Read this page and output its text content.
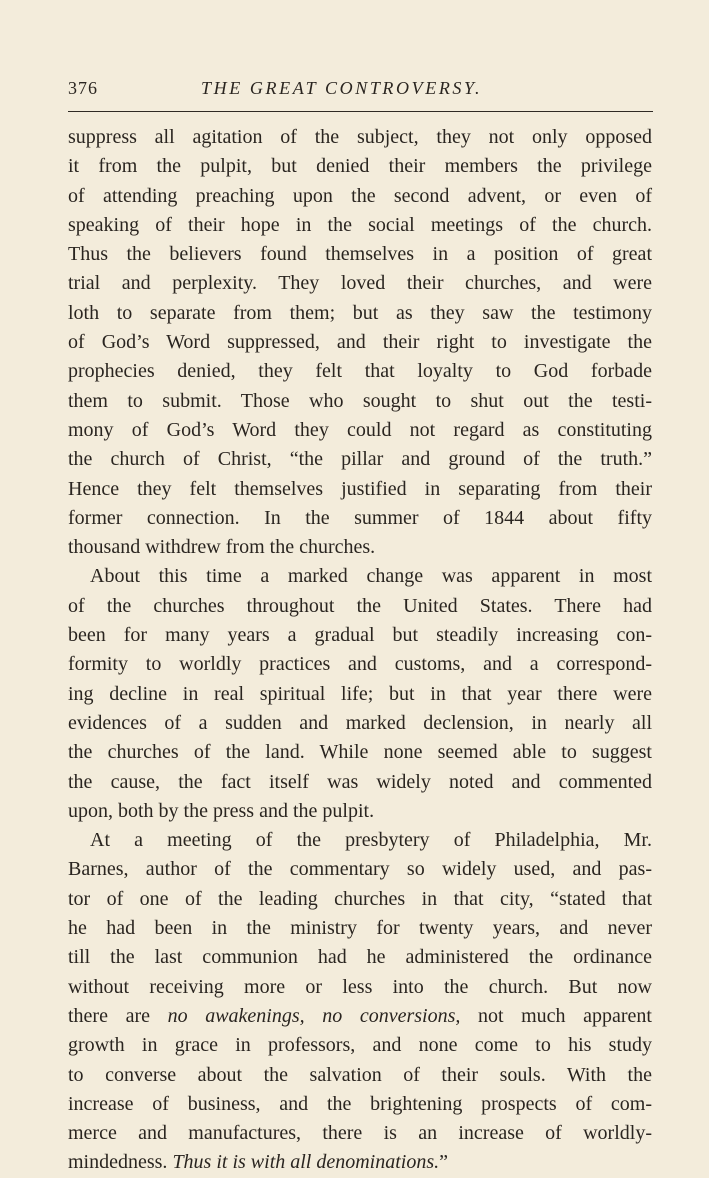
376	THE GREAT CONTROVERSY.
suppress all agitation of the subject, they not only opposed
it from the pulpit, but denied their members the privilege
of attending preaching upon the second advent, or even of
speaking of their hope in the social meetings of the church.
Thus the believers found themselves in a position of great
trial and perplexity. They loved their churches, and were
loth to separate from them; but as they saw the testimony
of God’s Word suppressed, and their right to investigate the
prophecies denied, they felt that loyalty to God forbade
them to submit. Those who sought to shut out the testi-
mony of God’s Word they could not regard as constituting
the church of Christ, “the pillar and ground of the truth.”
Hence they felt themselves justified in separating from their
former connection. In the summer of 1844 about fifty
thousand withdrew from the churches.
About this time a marked change was apparent in most
of the churches throughout the United States. There had
been for many years a gradual but steadily increasing con-
formity to worldly practices and customs, and a correspond-
ing decline in real spiritual life; but in that year there were
evidences of a sudden and marked declension, in nearly all
the churches of the land. While none seemed able to suggest
the cause, the fact itself was widely noted and commented
upon, both by the press and the pulpit.
At a meeting of the presbytery of Philadelphia, Mr.
Barnes, author of the commentary so widely used, and pas-
tor of one of the leading churches in that city, “stated that
he had been in the ministry for twenty years, and never
till the last communion had he administered the ordinance
without receiving more or less into the church. But now
there are no awakenings, no conversions, not much apparent
growth in grace in professors, and none come to his study
to converse about the salvation of their souls. With the
increase of business, and the brightening prospects of com-
merce and manufactures, there is an increase of worldly-
mindedness. Thus it is with all denominations.”
